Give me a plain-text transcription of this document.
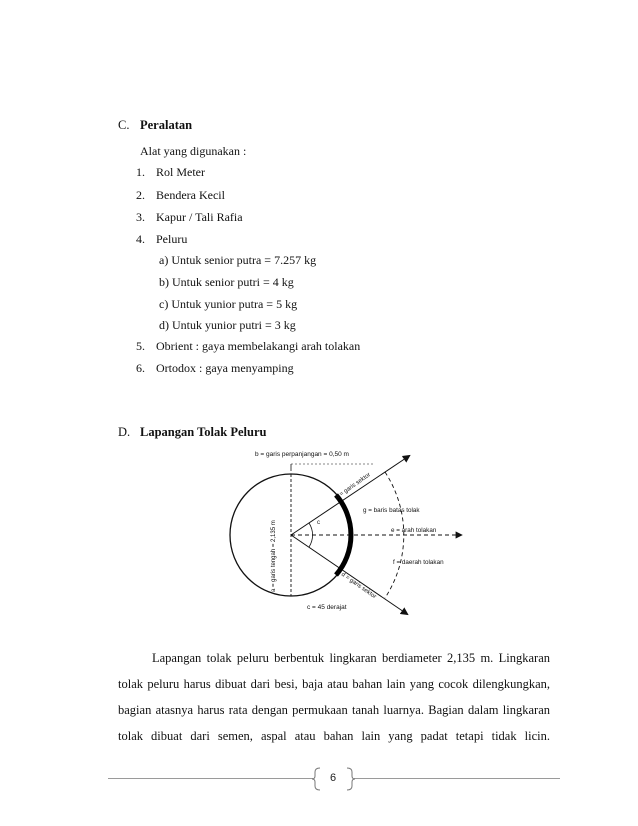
C. Peralatan
Alat yang digunakan :
1. Rol Meter
2. Bendera Kecil
3. Kapur / Tali Rafia
4. Peluru
a) Untuk senior putra = 7.257 kg
b) Untuk senior putri = 4 kg
c) Untuk yunior putra = 5 kg
d) Untuk yunior putri = 3 kg
5. Obrient : gaya membelakangi arah tolakan
6. Ortodox : gaya menyamping
D. Lapangan Tolak Peluru
b = garis perpanjangan = 0,50 m
a = garis tengah = 2,135 m
d = garis sektor
g = baris batas tolak
e = arah tolakan
c
f = daerah tolakan
d = garis sektor
c = 45 derajat
Lapangan tolak peluru berbentuk lingkaran berdiameter 2,135 m. Lingkaran
tolak peluru harus dibuat dari besi, baja atau bahan lain yang cocok dilengkungkan,
bagian atasnya harus rata dengan permukaan tanah luarnya. Bagian dalam lingkaran
tolak dibuat dari semen, aspal atau bahan lain yang padat tetapi tidak licin.
6
